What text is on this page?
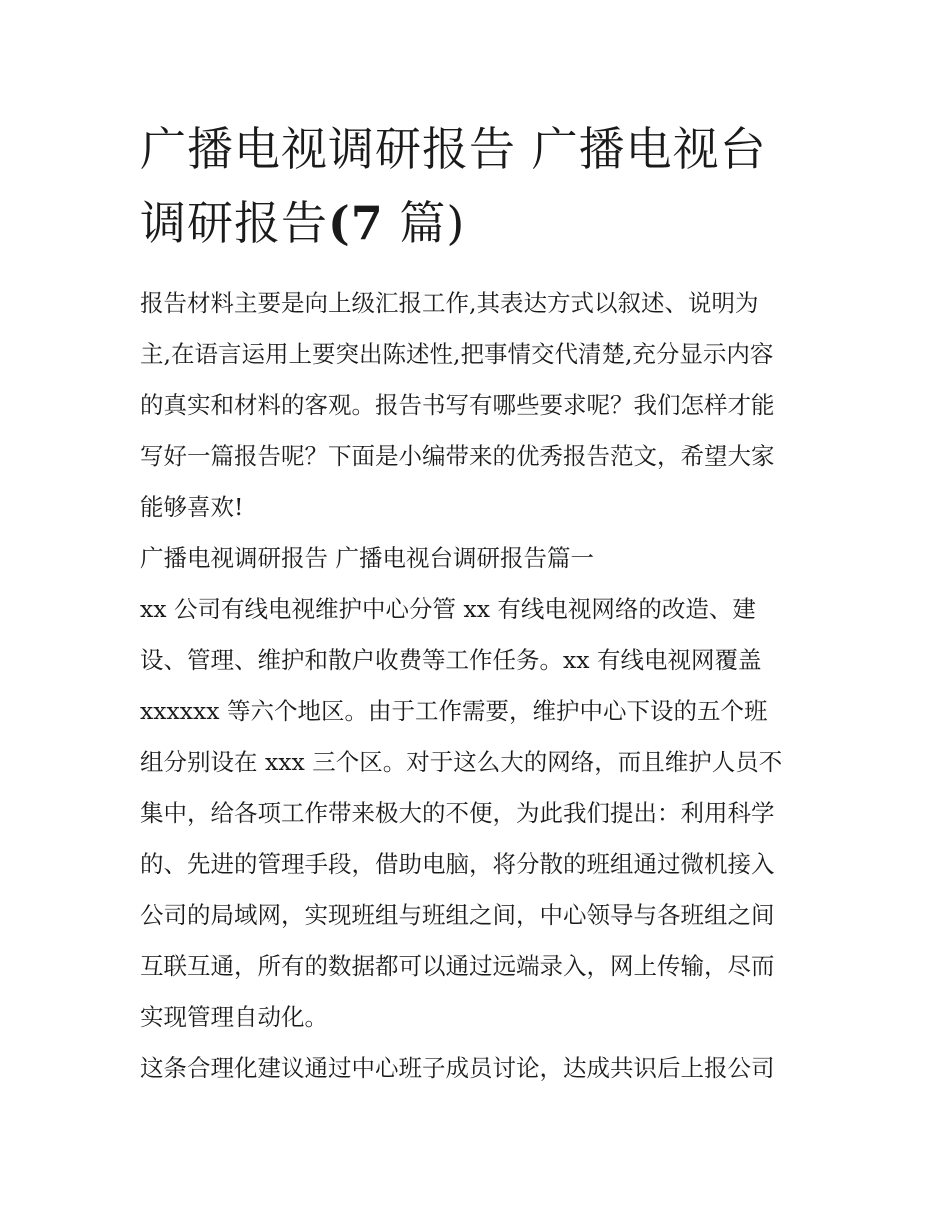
广播电视调研报告 广播电视台
调研报告(7 篇)

报告材料主要是向上级汇报工作,其表达方式以叙述、说明为
主,在语言运用上要突出陈述性,把事情交代清楚,充分显示内容
的真实和材料的客观。报告书写有哪些要求呢？我们怎样才能
写好一篇报告呢？下面是小编带来的优秀报告范文，希望大家
能够喜欢!

广播电视调研报告 广播电视台调研报告篇一

xx 公司有线电视维护中心分管 xx 有线电视网络的改造、建
设、管理、维护和散户收费等工作任务。xx 有线电视网覆盖
xxxxxx 等六个地区。由于工作需要，维护中心下设的五个班
组分别设在 xxx 三个区。对于这么大的网络，而且维护人员不
集中，给各项工作带来极大的不便，为此我们提出：利用科学
的、先进的管理手段，借助电脑，将分散的班组通过微机接入
公司的局域网，实现班组与班组之间，中心领导与各班组之间
互联互通，所有的数据都可以通过远端录入，网上传输，尽而
实现管理自动化。

这条合理化建议通过中心班子成员讨论，达成共识后上报公司
